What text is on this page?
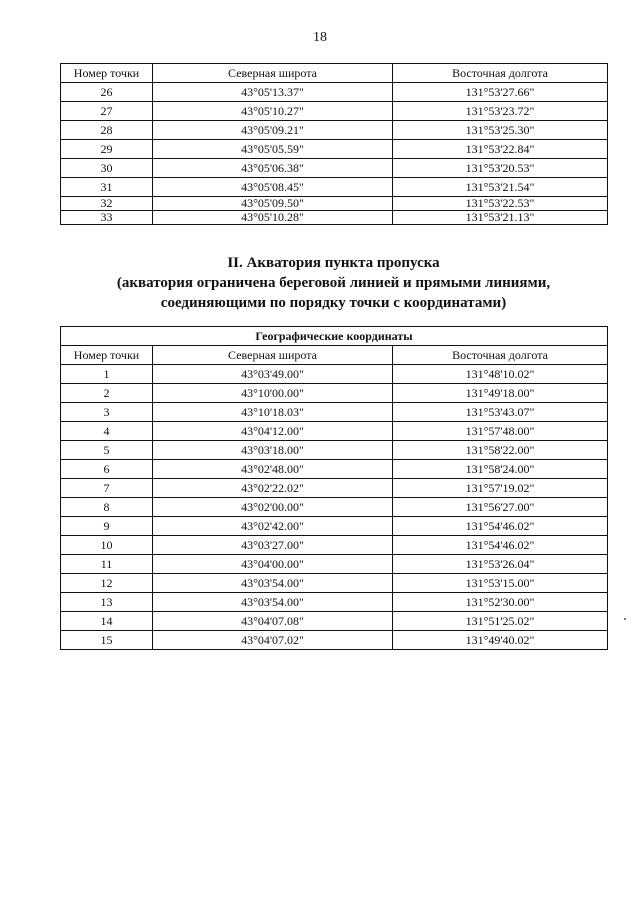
18
Номер точки	Северная широта	Восточная долгота
26	43°05'13.37"	131°53'27.66"
27	43°05'10.27"	131°53'23.72"
28	43°05'09.21"	131°53'25.30"
29	43°05'05.59"	131°53'22.84"
30	43°05'06.38"	131°53'20.53"
31	43°05'08.45"	131°53'21.54"
32	43°05'09.50"	131°53'22.53"
33	43°05'10.28"	131°53'21.13"
II. Акватория пункта пропуска
(акватория ограничена береговой линией и прямыми линиями,
соединяющими по порядку точки с координатами)
Географические координаты		
Номер точки	Северная широта	Восточная долгота
1	43°03'49.00"	131°48'10.02"
2	43°10'00.00"	131°49'18.00"
3	43°10'18.03"	131°53'43.07"
4	43°04'12.00"	131°57'48.00"
5	43°03'18.00"	131°58'22.00"
6	43°02'48.00"	131°58'24.00"
7	43°02'22.02"	131°57'19.02"
8	43°02'00.00"	131°56'27.00"
9	43°02'42.00"	131°54'46.02"
10	43°03'27.00"	131°54'46.02"
11	43°04'00.00"	131°53'26.04"
12	43°03'54.00"	131°53'15.00"
13	43°03'54.00"	131°52'30.00"
14	43°04'07.08"	131°51'25.02"
15	43°04'07.02"	131°49'40.02"
